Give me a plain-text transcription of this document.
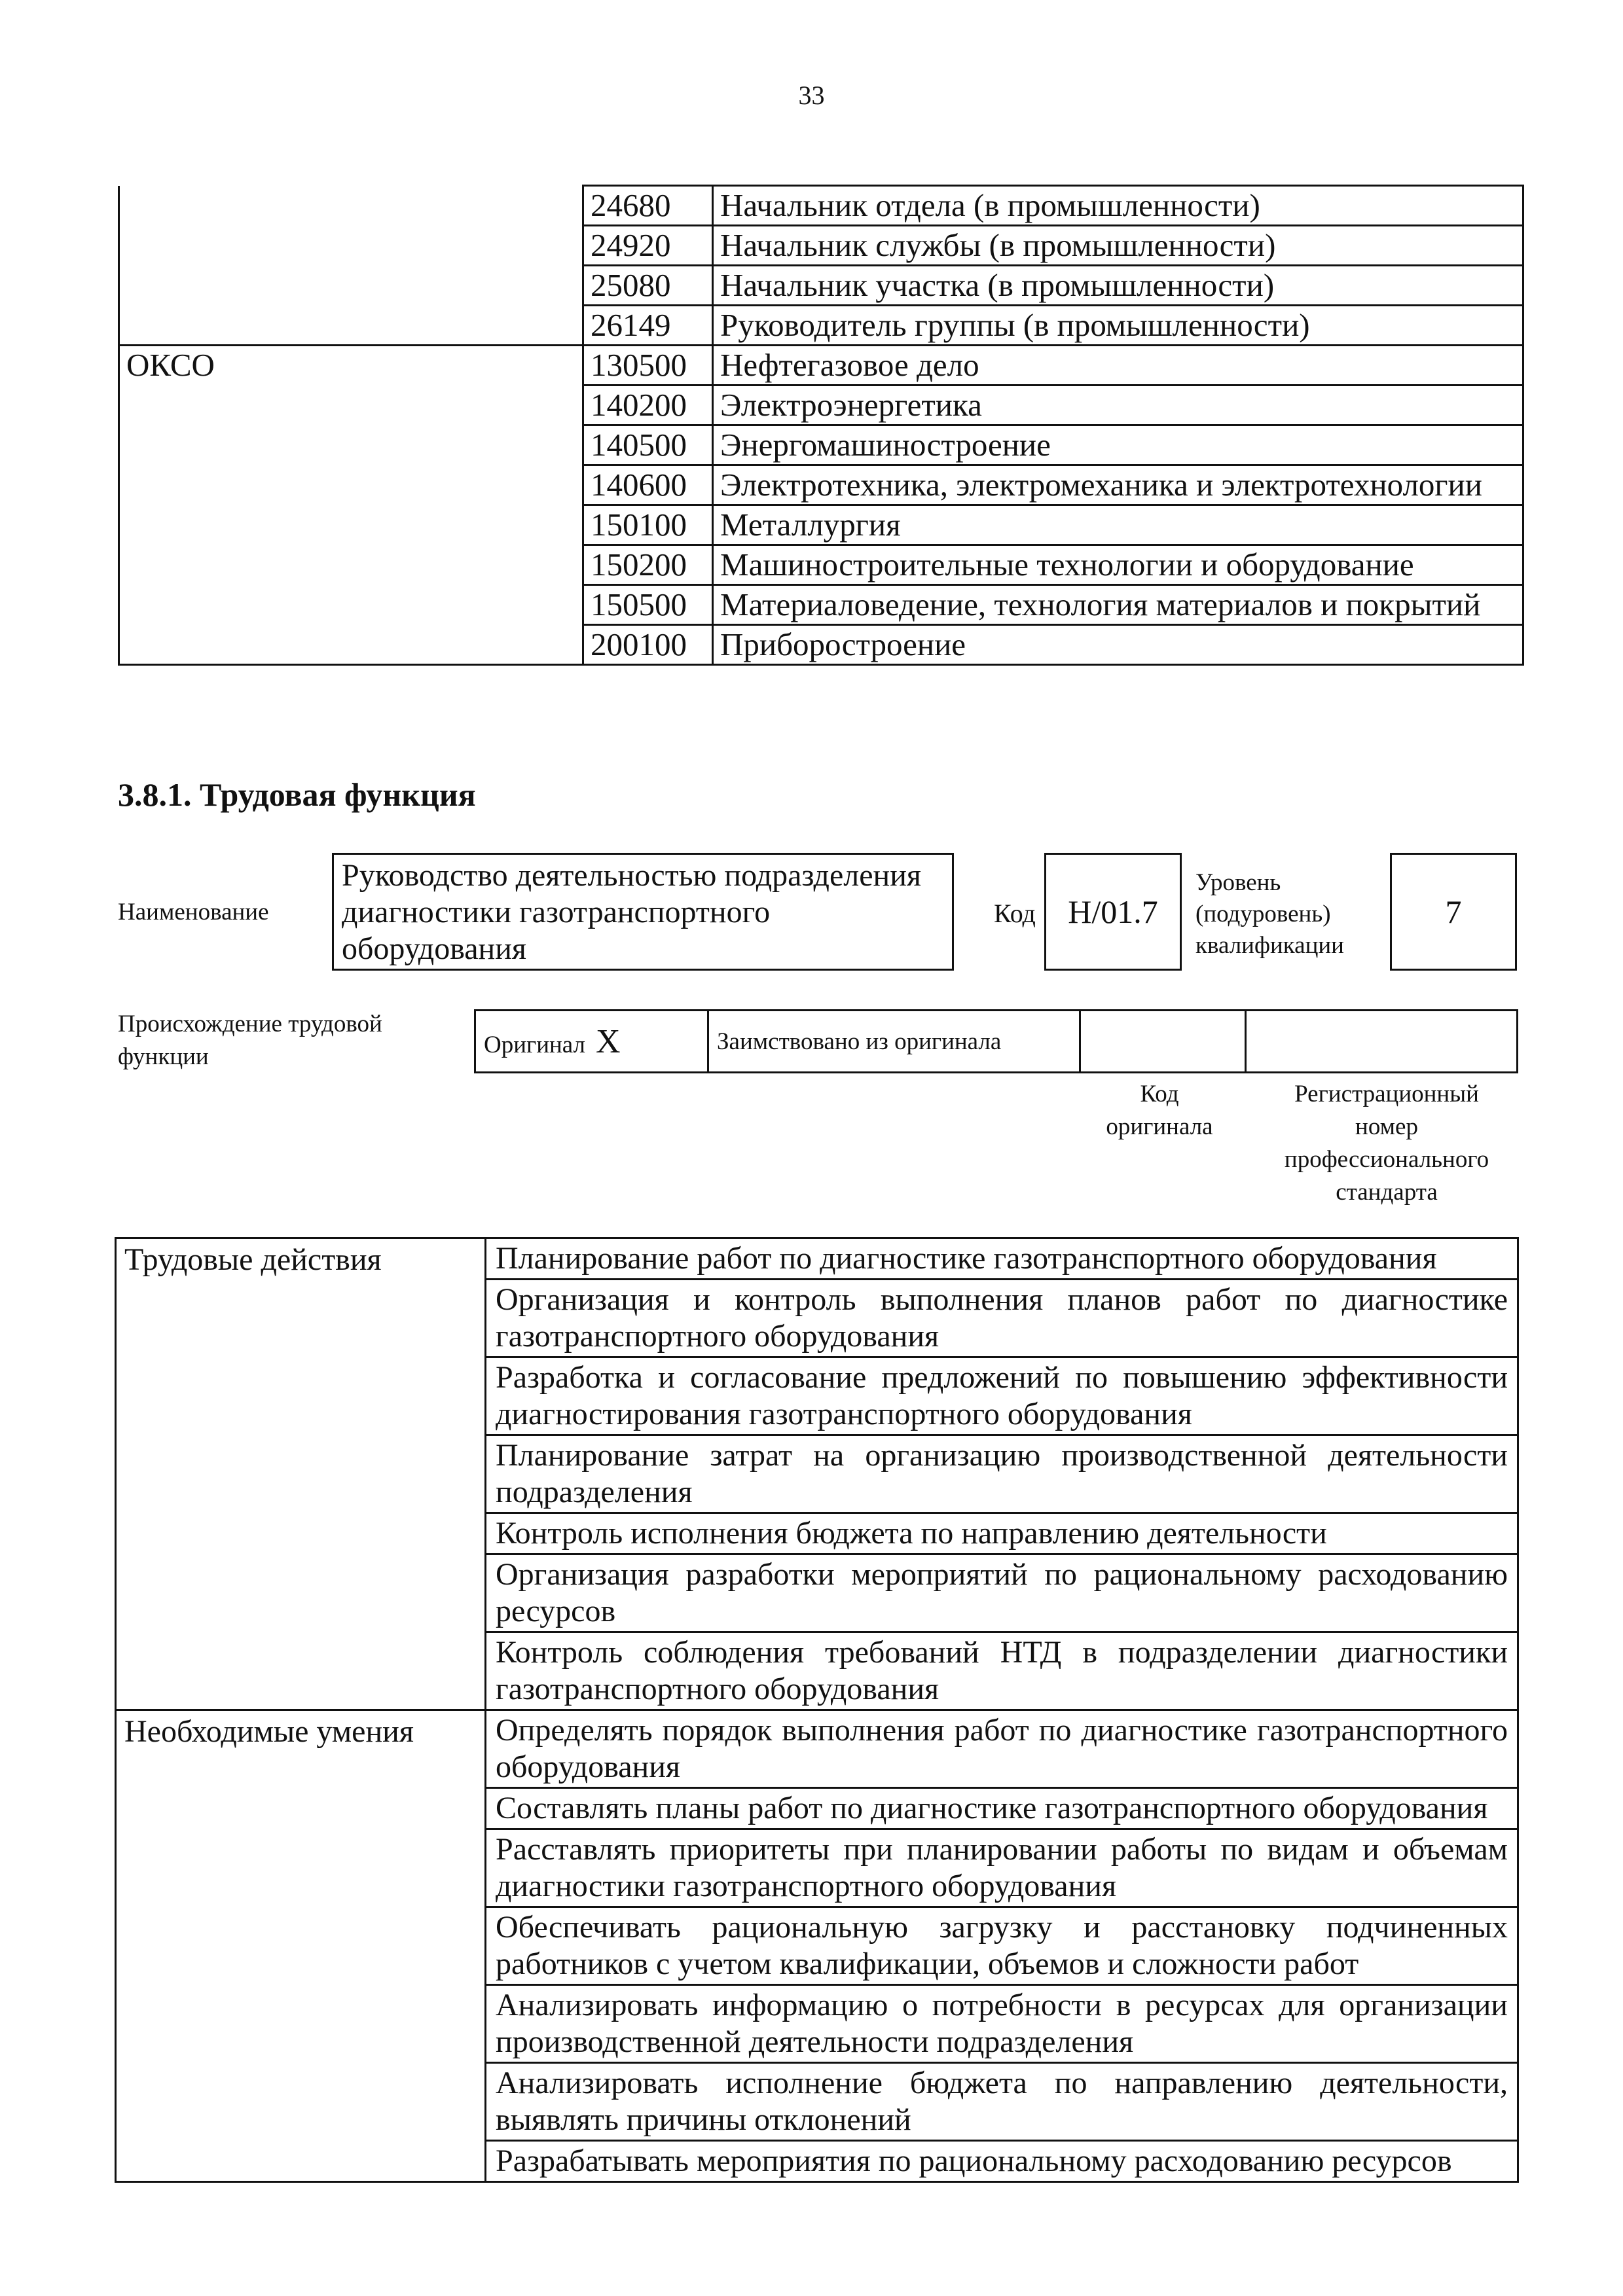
33
	24680	Начальник отдела (в промышленности)
	24920	Начальник службы (в промышленности)
	25080	Начальник участка (в промышленности)
	26149	Руководитель группы (в промышленности)
ОКСО	130500	Нефтегазовое дело
	140200	Электроэнергетика
	140500	Энергомашиностроение
	140600	Электротехника, электромеханика и электротехнологии
	150100	Металлургия
	150200	Машиностроительные технологии и оборудование
	150500	Материаловедение, технология материалов и покрытий
	200100	Приборостроение
3.8.1. Трудовая функция
Наименование
Руководство деятельностью подразделения диагностики газотранспортного оборудования
Код Н/01.7
Уровень
(подуровень)
квалификации
7
Происхождение трудовой
функции	Оригинал X	Заимствовано из оригинала		
Код
оригинала
Регистрационный
номер
профессионального
стандарта
Трудовые действия	Планирование работ по диагностике газотранспортного оборудования
	Организация и контроль выполнения планов работ по диагностике газотранспортного оборудования
	Разработка и согласование предложений по повышению эффективности диагностирования газотранспортного оборудования
	Планирование затрат на организацию производственной деятельности подразделения
	Контроль исполнения бюджета по направлению деятельности
	Организация разработки мероприятий по рациональному расходованию ресурсов
	Контроль соблюдения требований НТД в подразделении диагностики газотранспортного оборудования
Необходимые умения	Определять порядок выполнения работ по диагностике газотранспортного оборудования
	Составлять планы работ по диагностике газотранспортного оборудования
	Расставлять приоритеты при планировании работы по видам и объемам диагностики газотранспортного оборудования
	Обеспечивать рациональную загрузку и расстановку подчиненных работников с учетом квалификации, объемов и сложности работ
	Анализировать информацию о потребности в ресурсах для организации производственной деятельности подразделения
	Анализировать исполнение бюджета по направлению деятельности, выявлять причины отклонений
	Разрабатывать мероприятия по рациональному расходованию ресурсов
